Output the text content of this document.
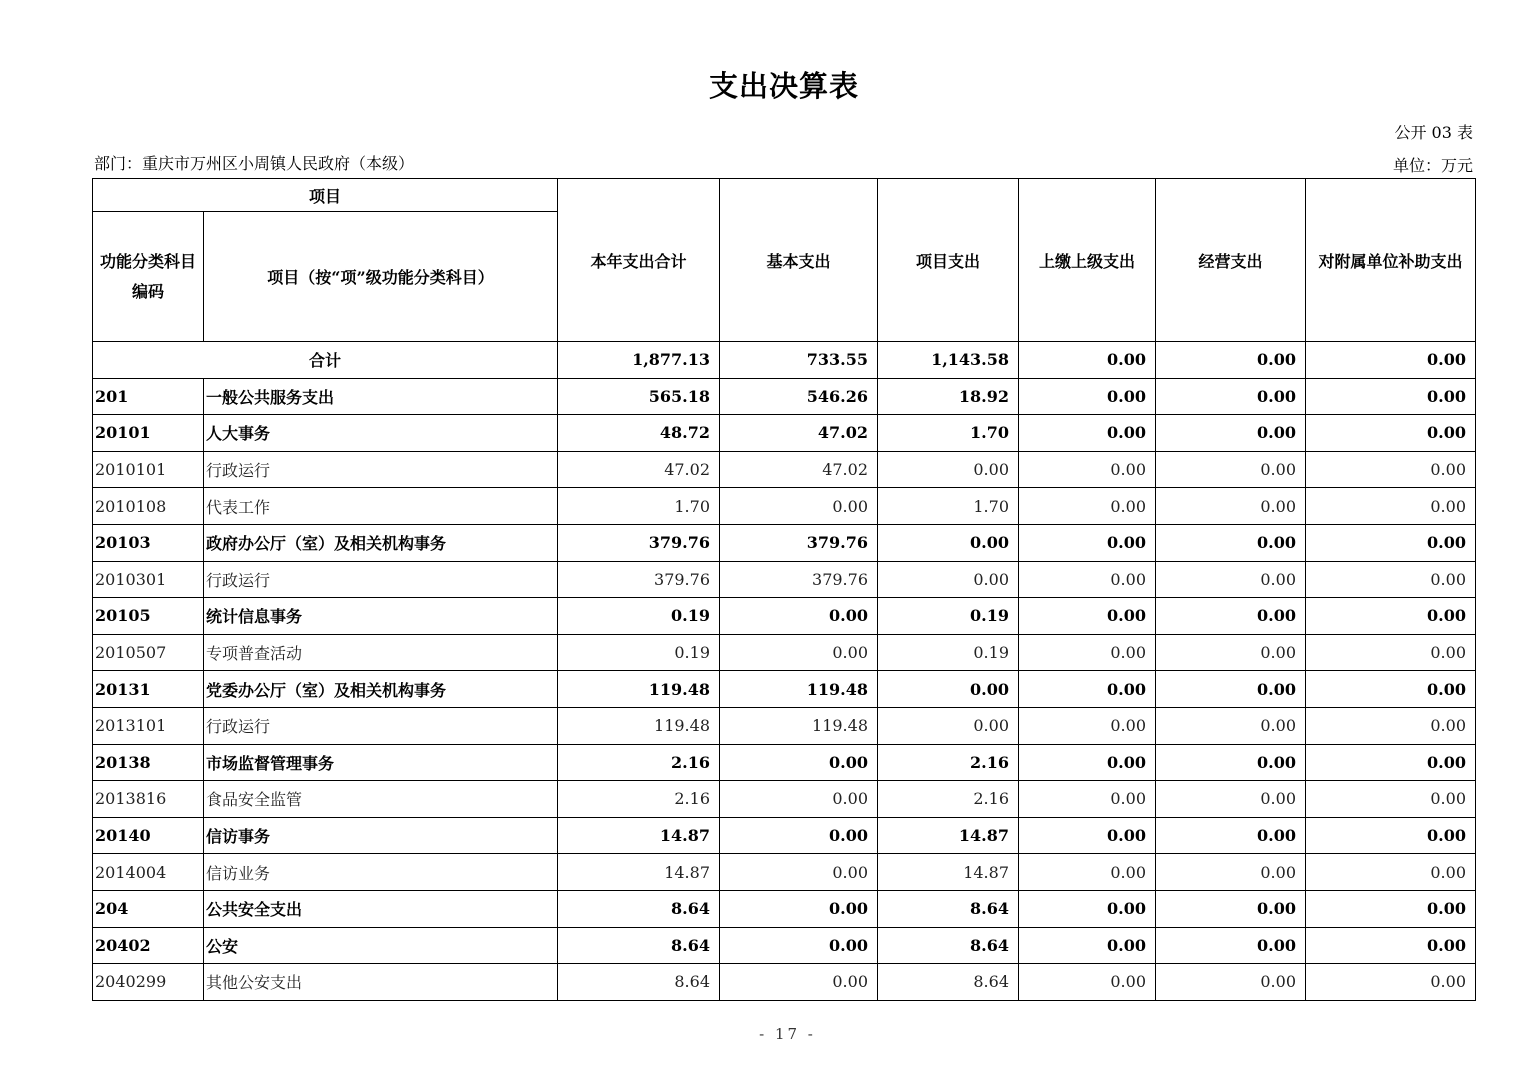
支出决算表
公开 03 表
部门：重庆市万州区小周镇人民政府（本级）	单位：万元
项目		本年支出合计	基本支出	项目支出	上缴上级支出	经营支出	对附属单位补助支出
功能分类科目编码	项目（按“项”级功能分类科目）						
合计		1,877.13	733.55	1,143.58	0.00	0.00	0.00
201	一般公共服务支出	565.18	546.26	18.92	0.00	0.00	0.00
20101	人大事务	48.72	47.02	1.70	0.00	0.00	0.00
2010101	行政运行	47.02	47.02	0.00	0.00	0.00	0.00
2010108	代表工作	1.70	0.00	1.70	0.00	0.00	0.00
20103	政府办公厅（室）及相关机构事务	379.76	379.76	0.00	0.00	0.00	0.00
2010301	行政运行	379.76	379.76	0.00	0.00	0.00	0.00
20105	统计信息事务	0.19	0.00	0.19	0.00	0.00	0.00
2010507	专项普查活动	0.19	0.00	0.19	0.00	0.00	0.00
20131	党委办公厅（室）及相关机构事务	119.48	119.48	0.00	0.00	0.00	0.00
2013101	行政运行	119.48	119.48	0.00	0.00	0.00	0.00
20138	市场监督管理事务	2.16	0.00	2.16	0.00	0.00	0.00
2013816	食品安全监管	2.16	0.00	2.16	0.00	0.00	0.00
20140	信访事务	14.87	0.00	14.87	0.00	0.00	0.00
2014004	信访业务	14.87	0.00	14.87	0.00	0.00	0.00
204	公共安全支出	8.64	0.00	8.64	0.00	0.00	0.00
20402	公安	8.64	0.00	8.64	0.00	0.00	0.00
2040299	其他公安支出	8.64	0.00	8.64	0.00	0.00	0.00
- 17 -
